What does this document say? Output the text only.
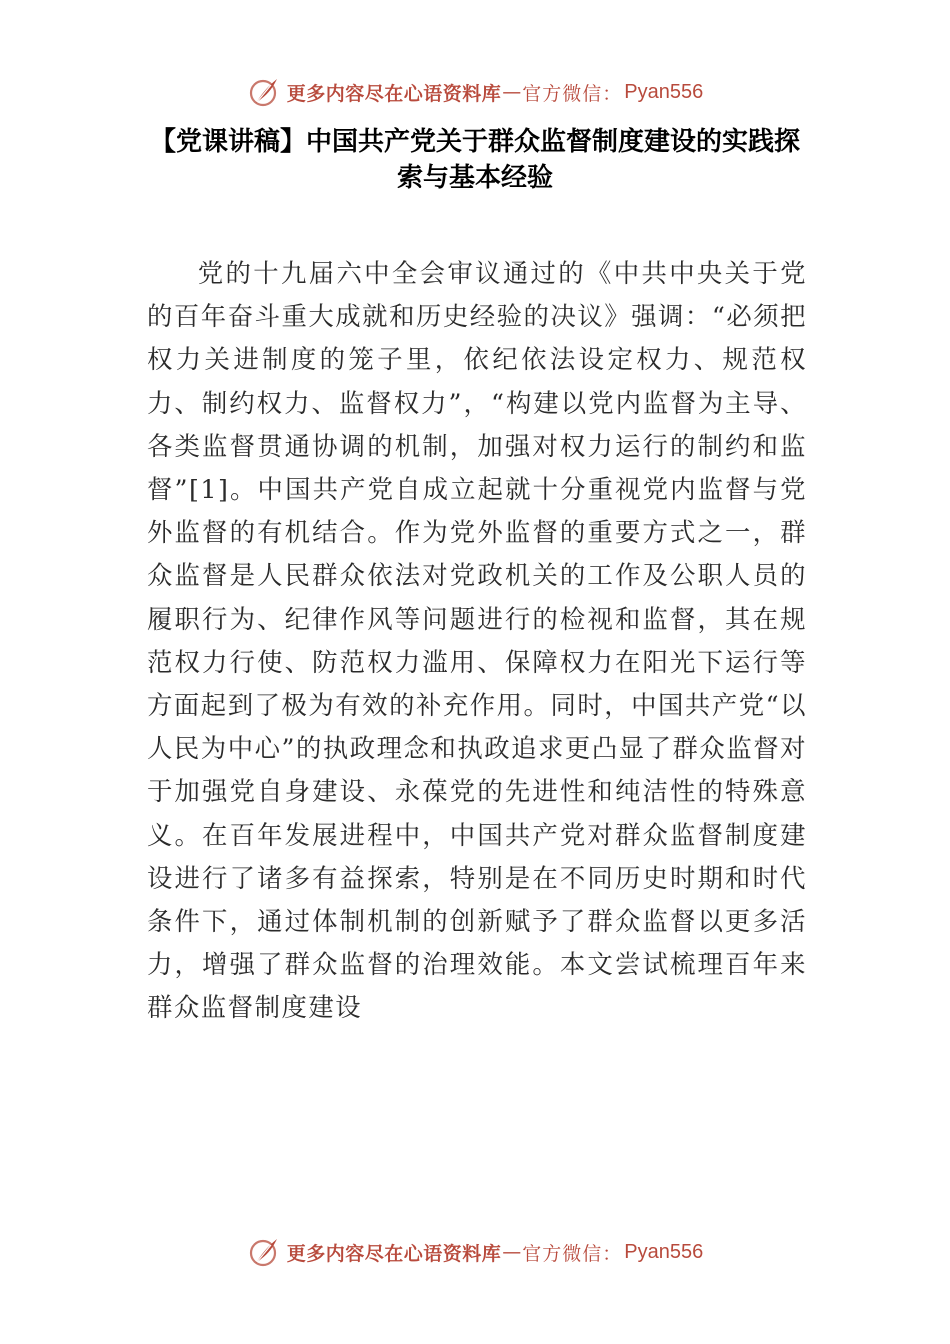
更多内容尽在心语资料库 — 官方微信： Pyan556
【党课讲稿】中国共产党关于群众监督制度建设的实践探索与基本经验

党的十九届六中全会审议通过的《中共中央关于党的百年奋斗重大成就和历史经验的决议》强调：“必须把权力关进制度的笼子里，依纪依法设定权力、规范权力、制约权力、监督权力”，“构建以党内监督为主导、各类监督贯通协调的机制，加强对权力运行的制约和监督”[1]。中国共产党自成立起就十分重视党内监督与党外监督的有机结合。作为党外监督的重要方式之一，群众监督是人民群众依法对党政机关的工作及公职人员的履职行为、纪律作风等问题进行的检视和监督，其在规范权力行使、防范权力滥用、保障权力在阳光下运行等方面起到了极为有效的补充作用。同时，中国共产党“以人民为中心”的执政理念和执政追求更凸显了群众监督对于加强党自身建设、永葆党的先进性和纯洁性的特殊意义。在百年发展进程中，中国共产党对群众监督制度建设进行了诸多有益探索，特别是在不同历史时期和时代条件下，通过体制机制的创新赋予了群众监督以更多活力，增强了群众监督的治理效能。本文尝试梳理百年来群众监督制度建设

更多内容尽在心语资料库 — 官方微信： Pyan556
